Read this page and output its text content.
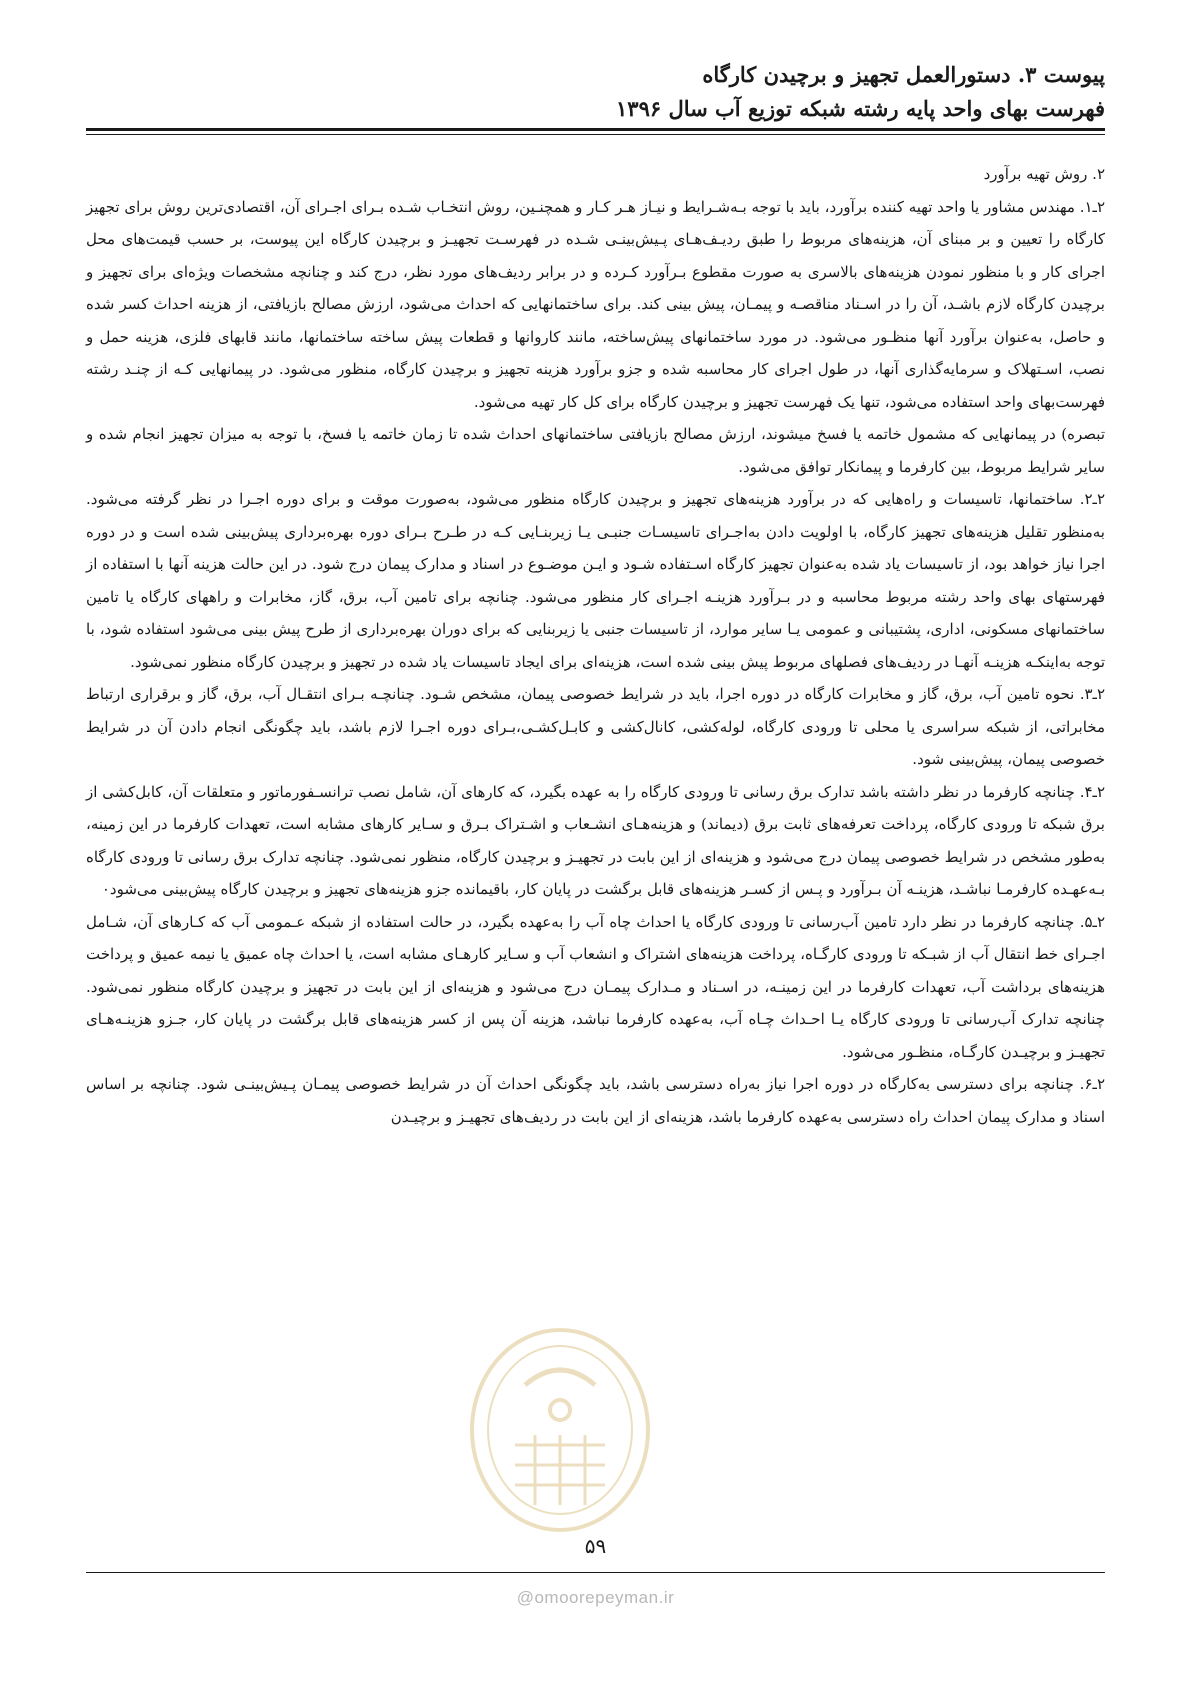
پیوست ۳. دستورالعمل تجهیز و برچیدن کارگاه
فهرست بهای واحد پایه رشته شبکه توزیع آب سال ۱۳۹۶

۲. روش تهیه برآورد

۲ـ۱. مهندس مشاور یا واحد تهیه کننده برآورد، باید با توجه بـه‌شـرایط و نیـاز هـر کـار و همچنـین، روش انتخـاب شـده بـرای اجـرای آن، اقتصادی‌ترین روش برای تجهیز کارگاه را تعیین و بر مبنای آن، هزینه‌های مربوط را طبق ردیـف‌هـای پـیش‌بینـی شـده در فهرسـت تجهیـز و برچیدن کارگاه این پیوست، بر حسب قیمت‌های محل اجرای کار و با منظور نمودن هزینه‌های بالاسری به صورت مقطوع بـرآورد کـرده و در برابر ردیف‌های مورد نظر، درج کند و چنانچه مشخصات ویژه‌ای برای تجهیز و برچیدن کارگاه لازم باشـد، آن را در اسـناد مناقصـه و پیمـان، پیش بینی کند. برای ساختمانهایی که احداث می‌شود، ارزش مصالح بازیافتی، از هزینه احداث کسر شده و حاصل، به‌عنوان برآورد آنها منظـور می‌شود. در مورد ساختمانهای پیش‌ساخته، مانند کاروانها و قطعات پیش ساخته ساختمانها، مانند قابهای فلزی، هزینه حمل و نصب، اسـتهلاک و سرمایه‌گذاری آنها، در طول اجرای کار محاسبه شده و جزو برآورد هزینه تجهیز و برچیدن کارگاه، منظور می‌شود. در پیمانهایی کـه از چنـد رشته فهرست‌بهای واحد استفاده می‌شود، تنها یک فهرست تجهیز و برچیدن کارگاه برای کل کار تهیه می‌شود.

تبصره) در پیمانهایی که مشمول خاتمه یا فسخ میشوند، ارزش مصالح بازیافتی ساختمانهای احداث شده تا زمان خاتمه یا فسخ، با توجه به میزان تجهیز انجام شده و سایر شرایط مربوط، بین کارفرما و پیمانکار توافق می‌شود.

۲ـ۲. ساختمانها، تاسیسات و راه‌هایی که در برآورد هزینه‌های تجهیز و برچیدن کارگاه منظور می‌شود، به‌صورت موقت و برای دوره اجـرا در نظر گرفته می‌شود. به‌منظور تقلیل هزینه‌های تجهیز کارگاه، با اولویت دادن به‌اجـرای تاسیسـات جنبـی یـا زیربنـایی کـه در طـرح بـرای دوره بهره‌برداری پیش‌بینی شده است و در دوره اجرا نیاز خواهد بود، از تاسیسات یاد شده به‌عنوان تجهیز کارگاه اسـتفاده شـود و ایـن موضـوع در اسناد و مدارک پیمان درج شود. در این حالت هزینه آنها با استفاده از فهرستهای بهای واحد رشته مربوط محاسبه و در بـرآورد هزینـه اجـرای کار منظور می‌شود. چنانچه برای تامین آب، برق، گاز، مخابرات و راههای کارگاه یا تامین ساختمانهای مسکونی، اداری، پشتیبانی و عمومی یـا سایر موارد، از تاسیسات جنبی یا زیربنایی که برای دوران بهره‌برداری از طرح پیش بینی می‌شود استفاده شود، با توجه به‌اینکـه هزینـه آنهـا در ردیف‌های فصلهای مربوط پیش بینی شده است، هزینه‌ای برای ایجاد تاسیسات یاد شده در تجهیز و برچیدن کارگاه منظور نمی‌شود.

۲ـ۳. نحوه تامین آب، برق، گاز و مخابرات کارگاه در دوره اجرا، باید در شرایط خصوصی پیمان، مشخص شـود. چنانچـه بـرای انتقـال آب، برق، گاز و برقراری ارتباط مخابراتی، از شبکه سراسری یا محلی تا ورودی کارگاه، لوله‌کشی، کانال‌کشی و کابـل‌کشـی،بـرای دوره اجـرا لازم باشد، باید چگونگی انجام دادن آن در شرایط خصوصی پیمان، پیش‌بینی شود.

۲ـ۴. چنانچه کارفرما در نظر داشته باشد تدارک برق رسانی تا ورودی کارگاه را به عهده بگیرد، که کارهای آن، شامل نصب ترانسـفورماتور و متعلقات آن، کابل‌کشی از برق شبکه تا ورودی کارگاه، پرداخت تعرفه‌های ثابت برق (دیماند) و هزینه‌هـای انشـعاب و اشـتراک بـرق و سـایر کارهای مشابه است، تعهدات کارفرما در این زمینه، به‌طور مشخص در شرایط خصوصی پیمان درج می‌شود و هزینه‌ای از این بابت در تجهیـز و برچیدن کارگاه، منظور نمی‌شود. چنانچه تدارک برق رسانی تا ورودی کارگاه بـه‌عهـده کارفرمـا نباشـد، هزینـه آن بـرآورد و پـس از کسـر هزینه‌های قابل برگشت در پایان کار، باقیمانده جزو هزینه‌های تجهیز و برچیدن کارگاه پیش‌بینی می‌شود٠

۲ـ۵. چنانچه کارفرما در نظر دارد تامین آب‌رسانی تا ورودی کارگاه یا احداث چاه آب را به‌عهده بگیرد، در حالت استفاده از شبکه عـمومی آب که کـارهای آن، شـامل اجـرای خط انتقال آب از شبـکه تا ورودی کارگـاه، پرداخت هزینه‌های اشتراک و انشعاب آب و سـایر کارهـای مشابه است، یا احداث چاه عمیق یا نیمه عمیق و پرداخت هزینه‌های برداشت آب، تعهدات کارفرما در این زمینـه، در اسـناد و مـدارک پیمـان درج می‌شود و هزینه‌ای از این بابت در تجهیز و برچیدن کارگاه منظور نمی‌شود. چنانچه تدارک آب‌رسانی تا ورودی کارگاه یـا احـداث چـاه آب، به‌عهده کارفرما نباشد، هزینه آن پس از کسر هزینه‌های قابل برگشت در پایان کار، جـزو هزینـه‌هـای تجهیـز و برچیـدن کارگـاه، منظـور می‌شود.

۲ـ۶. چنانچه برای دسترسی به‌کارگاه در دوره اجرا نیاز به‌راه دسترسی باشد، باید چگونگی احداث آن در شرایط خصوصی پیمـان پـیش‌بینـی شود. چنانچه بر اساس اسناد و مدارک پیمان احداث راه دسترسی به‌عهده کارفرما باشد، هزینه‌ای از این بابت در ردیف‌های تجهیـز و برچیـدن

۵۹
@omoorepeyman.ir
